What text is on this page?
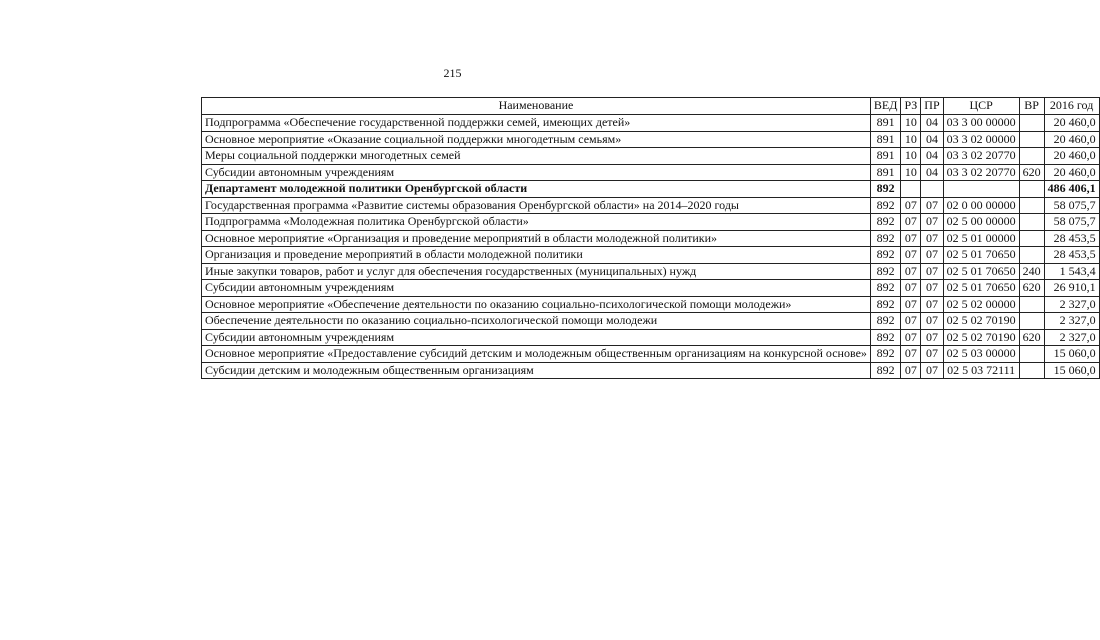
215
Наименование	ВЕД	РЗ	ПР	ЦСР	ВР	2016 год
Подпрограмма «Обеспечение государственной поддержки семей, имеющих детей»	891	10	04	03 3 00 00000		20 460,0
Основное мероприятие «Оказание социальной поддержки многодетным семьям»	891	10	04	03 3 02 00000		20 460,0
Меры социальной поддержки многодетных семей	891	10	04	03 3 02 20770		20 460,0
Субсидии автономным учреждениям	891	10	04	03 3 02 20770	620	20 460,0
Департамент молодежной политики Оренбургской области	892					486 406,1
Государственная программа «Развитие системы образования Оренбургской области» на 2014–2020 годы	892	07	07	02 0 00 00000		58 075,7
Подпрограмма «Молодежная политика Оренбургской области»	892	07	07	02 5 00 00000		58 075,7
Основное мероприятие «Организация и проведение мероприятий в области молодежной политики»	892	07	07	02 5 01 00000		28 453,5
Организация и проведение мероприятий в области молодежной политики	892	07	07	02 5 01 70650		28 453,5
Иные закупки товаров, работ и услуг для обеспечения государственных (муниципальных) нужд	892	07	07	02 5 01 70650	240	1 543,4
Субсидии автономным учреждениям	892	07	07	02 5 01 70650	620	26 910,1
Основное мероприятие «Обеспечение деятельности по оказанию социально-психологической помощи молодежи»	892	07	07	02 5 02 00000		2 327,0
Обеспечение деятельности по оказанию социально-психологической помощи молодежи	892	07	07	02 5 02 70190		2 327,0
Субсидии автономным учреждениям	892	07	07	02 5 02 70190	620	2 327,0
Основное мероприятие «Предоставление субсидий детским и молодежным общественным организациям на конкурсной основе»	892	07	07	02 5 03 00000		15 060,0
Субсидии детским и молодежным общественным организациям	892	07	07	02 5 03 72111		15 060,0
